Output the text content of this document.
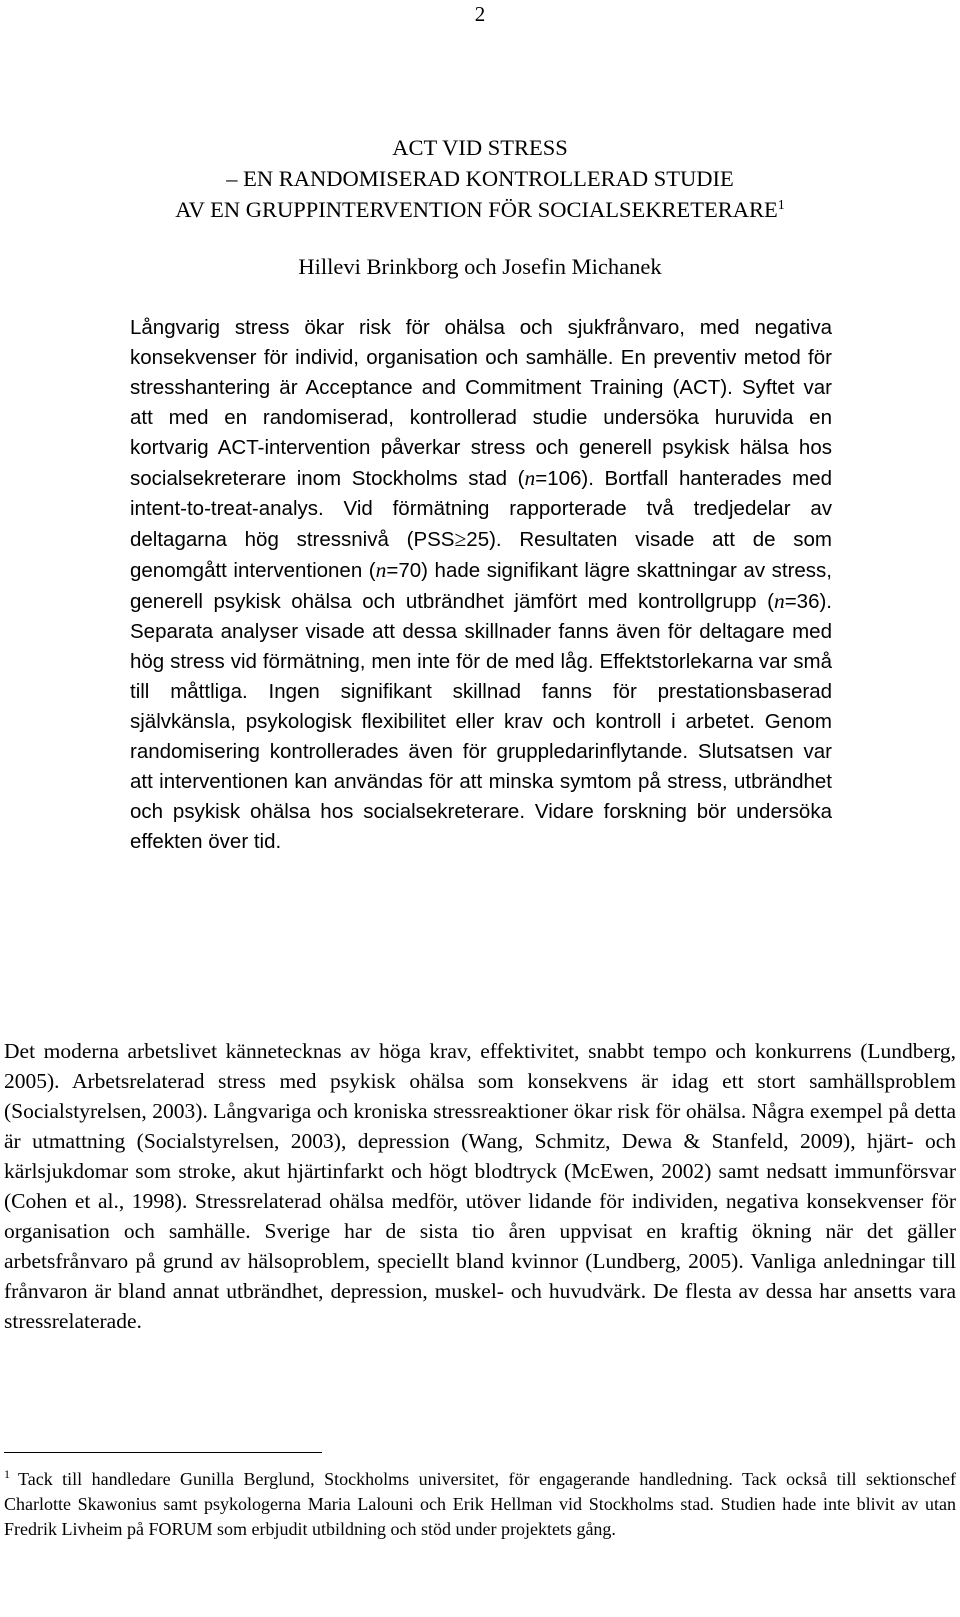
2
ACT VID STRESS
– EN RANDOMISERAD KONTROLLERAD STUDIE
AV EN GRUPPINTERVENTION FÖR SOCIALSEKRETERARE$^1$
Hillevi Brinkborg och Josefin Michanek

Långvarig stress ökar risk för ohälsa och sjukfrånvaro, med negativa konsekvenser för individ, organisation och samhälle. En preventiv metod för stresshantering är Acceptance and Commitment Training (ACT). Syftet var att med en randomiserad, kontrollerad studie undersöka huruvida en kortvarig ACT-intervention påverkar stress och generell psykisk hälsa hos socialsekreterare inom Stockholms stad (n=106). Bortfall hanterades med intent-to-treat-analys. Vid förmätning rapporterade två tredjedelar av deltagarna hög stressnivå (PSS≥25). Resultaten visade att de som genomgått interventionen (n=70) hade signifikant lägre skattningar av stress, generell psykisk ohälsa och utbrändhet jämfört med kontrollgrupp (n=36). Separata analyser visade att dessa skillnader fanns även för deltagare med hög stress vid förmätning, men inte för de med låg. Effektstorlekarna var små till måttliga. Ingen signifikant skillnad fanns för prestationsbaserad självkänsla, psykologisk flexibilitet eller krav och kontroll i arbetet. Genom randomisering kontrollerades även för gruppledarinflytande. Slutsatsen var att interventionen kan användas för att minska symtom på stress, utbrändhet och psykisk ohälsa hos socialsekreterare. Vidare forskning bör undersöka effekten över tid.

Det moderna arbetslivet kännetecknas av höga krav, effektivitet, snabbt tempo och konkurrens (Lundberg, 2005). Arbetsrelaterad stress med psykisk ohälsa som konsekvens är idag ett stort samhällsproblem (Socialstyrelsen, 2003). Långvariga och kroniska stressreaktioner ökar risk för ohälsa. Några exempel på detta är utmattning (Socialstyrelsen, 2003), depression (Wang, Schmitz, Dewa & Stanfeld, 2009), hjärt- och kärlsjukdomar som stroke, akut hjärtinfarkt och högt blodtryck (McEwen, 2002) samt nedsatt immunförsvar (Cohen et al., 1998). Stressrelaterad ohälsa medför, utöver lidande för individen, negativa konsekvenser för organisation och samhälle. Sverige har de sista tio åren uppvisat en kraftig ökning när det gäller arbetsfrånvaro på grund av hälsoproblem, speciellt bland kvinnor (Lundberg, 2005). Vanliga anledningar till frånvaron är bland annat utbrändhet, depression, muskel- och huvudvärk. De flesta av dessa har ansetts vara stressrelaterade.

$^1$ Tack till handledare Gunilla Berglund, Stockholms universitet, för engagerande handledning. Tack också till sektionschef Charlotte Skawonius samt psykologerna Maria Lalouni och Erik Hellman vid Stockholms stad. Studien hade inte blivit av utan Fredrik Livheim på FORUM som erbjudit utbildning och stöd under projektets gång.
